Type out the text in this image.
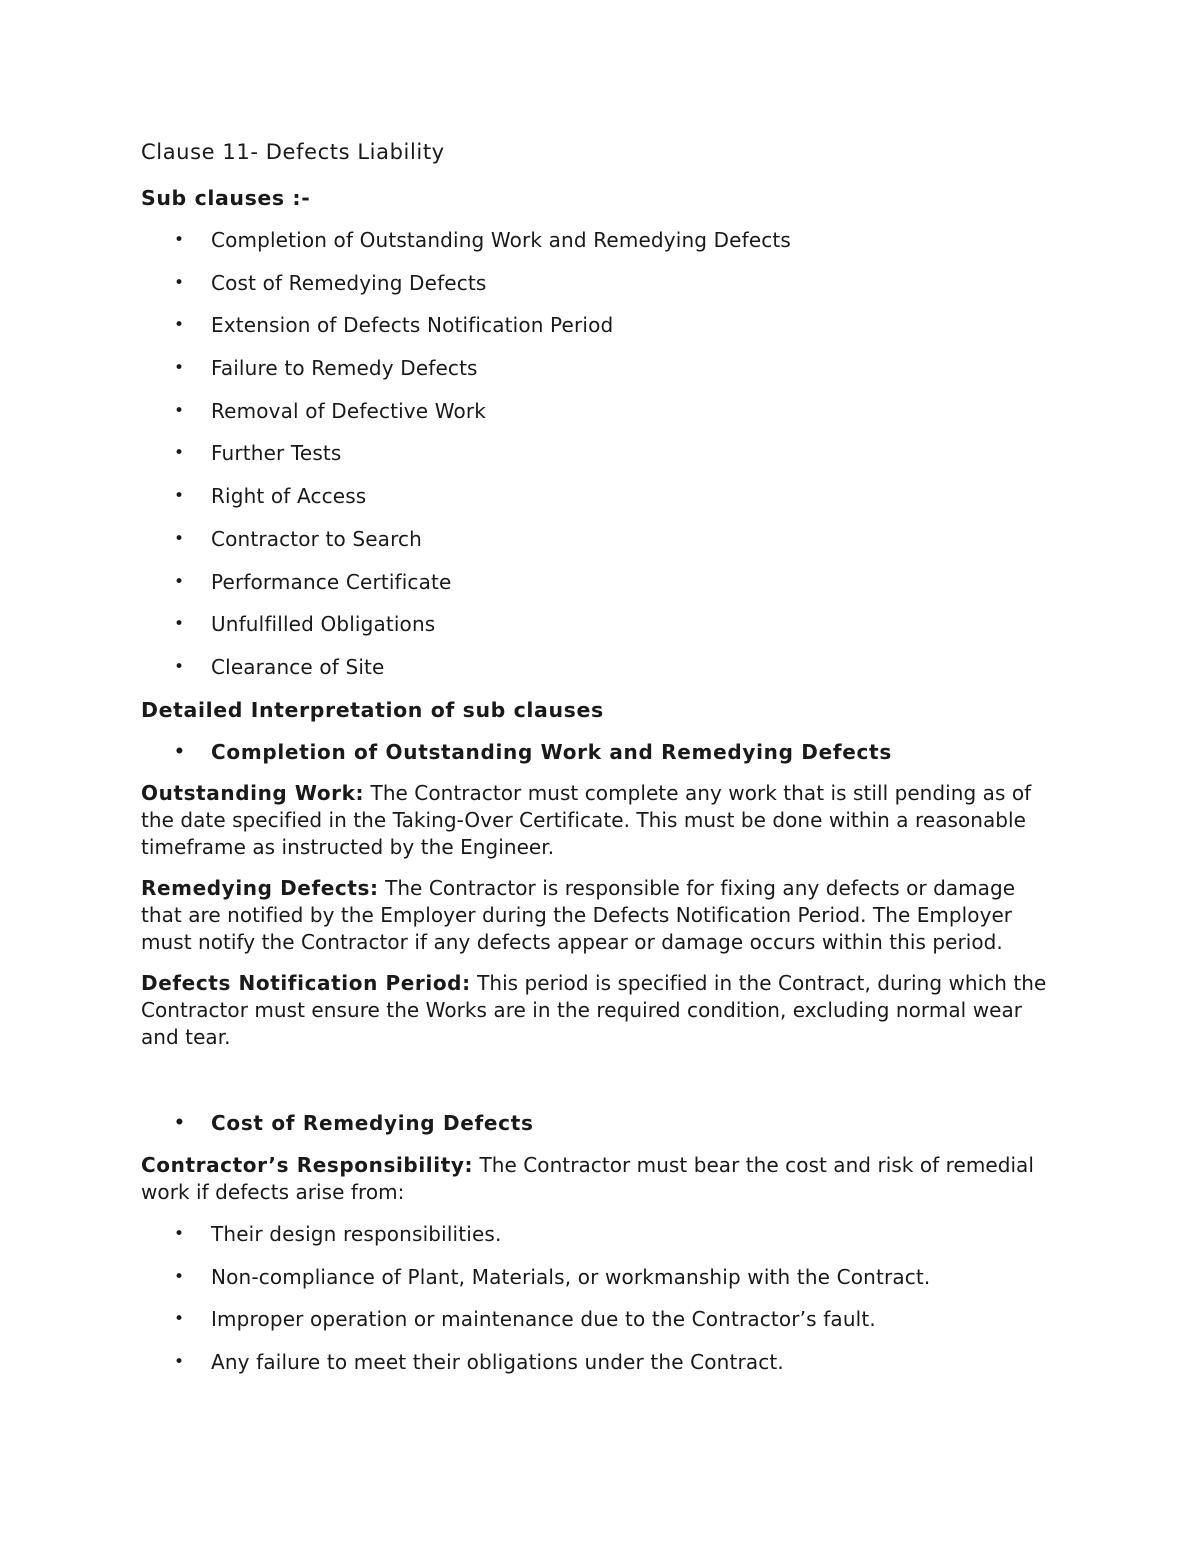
Clause 11- Defects Liability
Sub clauses :-
• Completion of Outstanding Work and Remedying Defects
• Cost of Remedying Defects
• Extension of Defects Notification Period
• Failure to Remedy Defects
• Removal of Defective Work
• Further Tests
• Right of Access
• Contractor to Search
• Performance Certificate
• Unfulfilled Obligations
• Clearance of Site
Detailed Interpretation of sub clauses
• Completion of Outstanding Work and Remedying Defects

Outstanding Work: The Contractor must complete any work that is still pending as of the date specified in the Taking-Over Certificate. This must be done within a reasonable timeframe as instructed by the Engineer.

Remedying Defects: The Contractor is responsible for fixing any defects or damage that are notified by the Employer during the Defects Notification Period. The Employer must notify the Contractor if any defects appear or damage occurs within this period.

Defects Notification Period: This period is specified in the Contract, during which the Contractor must ensure the Works are in the required condition, excluding normal wear and tear.

• Cost of Remedying Defects

Contractor’s Responsibility: The Contractor must bear the cost and risk of remedial work if defects arise from:

• Their design responsibilities.
• Non-compliance of Plant, Materials, or workmanship with the Contract.
• Improper operation or maintenance due to the Contractor’s fault.
• Any failure to meet their obligations under the Contract.
